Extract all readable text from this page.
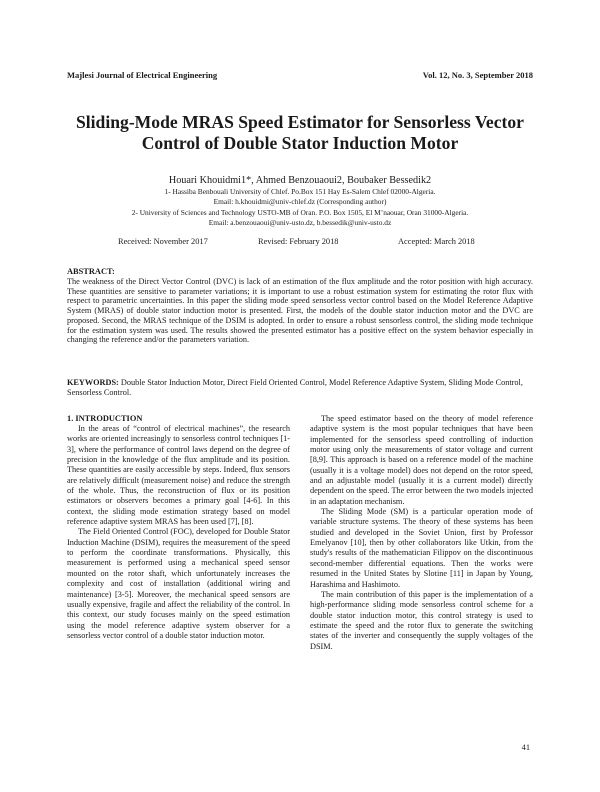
Majlesi Journal of Electrical Engineering	Vol. 12, No. 3, September 2018
Sliding-Mode MRAS Speed Estimator for Sensorless Vector
Control of Double Stator Induction Motor
Houari Khouidmi1*, Ahmed Benzouaoui2, Boubaker Bessedik2
1- Hassiba Benbouali University of Chlef. Po.Box 151 Hay Es-Salem Chlef 02000-Algeria.
Email: h.khouidmi@univ-chlef.dz (Corresponding author)
2- University of Sciences and Technology USTO-MB of Oran. P.O. Box 1505, El M’naouar, Oran 31000-Algeria.
Email: a.benzouaoui@univ-usto.dz, b.bessedik@univ-usto.dz
Received: November 2017	Revised: February 2018	Accepted: March 2018
ABSTRACT:
The weakness of the Direct Vector Control (DVC) is lack of an estimation of the flux amplitude and the rotor position with high accuracy. These quantities are sensitive to parameter variations; it is important to use a robust estimation system for estimating the rotor flux with respect to parametric uncertainties. In this paper the sliding mode speed sensorless vector control based on the Model Reference Adaptive System (MRAS) of double stator induction motor is presented. First, the models of the double stator induction motor and the DVC are proposed. Second, the MRAS technique of the DSIM is adopted. In order to ensure a robust sensorless control, the sliding mode technique for the estimation system was used. The results showed the presented estimator has a positive effect on the system behavior especially in changing the reference and/or the parameters variation.
KEYWORDS: Double Stator Induction Motor, Direct Field Oriented Control, Model Reference Adaptive System, Sliding Mode Control, Sensorless Control.
1. INTRODUCTION

In the areas of “control of electrical machines”, the research works are oriented increasingly to sensorless control techniques [1-3], where the performance of control laws depend on the degree of precision in the knowledge of the flux amplitude and its position. These quantities are easily accessible by steps. Indeed, flux sensors are relatively difficult (measurement noise) and reduce the strength of the whole. Thus, the reconstruction of flux or its position estimators or observers becomes a primary goal [4-6]. In this context, the sliding mode estimation strategy based on model reference adaptive system MRAS has been used [7], [8].

The Field Oriented Control (FOC), developed for Double Stator Induction Machine (DSIM), requires the measurement of the speed to perform the coordinate transformations. Physically, this measurement is performed using a mechanical speed sensor mounted on the rotor shaft, which unfortunately increases the complexity and cost of installation (additional wiring and maintenance) [3-5]. Moreover, the mechanical speed sensors are usually expensive, fragile and affect the reliability of the control. In this context, our study focuses mainly on the speed estimation using the model reference adaptive system observer for a sensorless vector control of a double stator induction motor.

The speed estimator based on the theory of model reference adaptive system is the most popular techniques that have been implemented for the sensorless speed controlling of induction motor using only the measurements of stator voltage and current [8,9]. This approach is based on a reference model of the machine (usually it is a voltage model) does not depend on the rotor speed, and an adjustable model (usually it is a current model) directly dependent on the speed. The error between the two models injected in an adaptation mechanism.

The Sliding Mode (SM) is a particular operation mode of variable structure systems. The theory of these systems has been studied and developed in the Soviet Union, first by Professor Emelyanov [10], then by other collaborators like Utkin, from the study's results of the mathematician Filippov on the discontinuous second-member differential equations. Then the works were resumed in the United States by Slotine [11] in Japan by Young, Harashima and Hashimoto.

The main contribution of this paper is the implementation of a high-performance sliding mode sensorless control scheme for a double stator induction motor, this control strategy is used to estimate the speed and the rotor flux to generate the switching states of the inverter and consequently the supply voltages of the DSIM.

41
